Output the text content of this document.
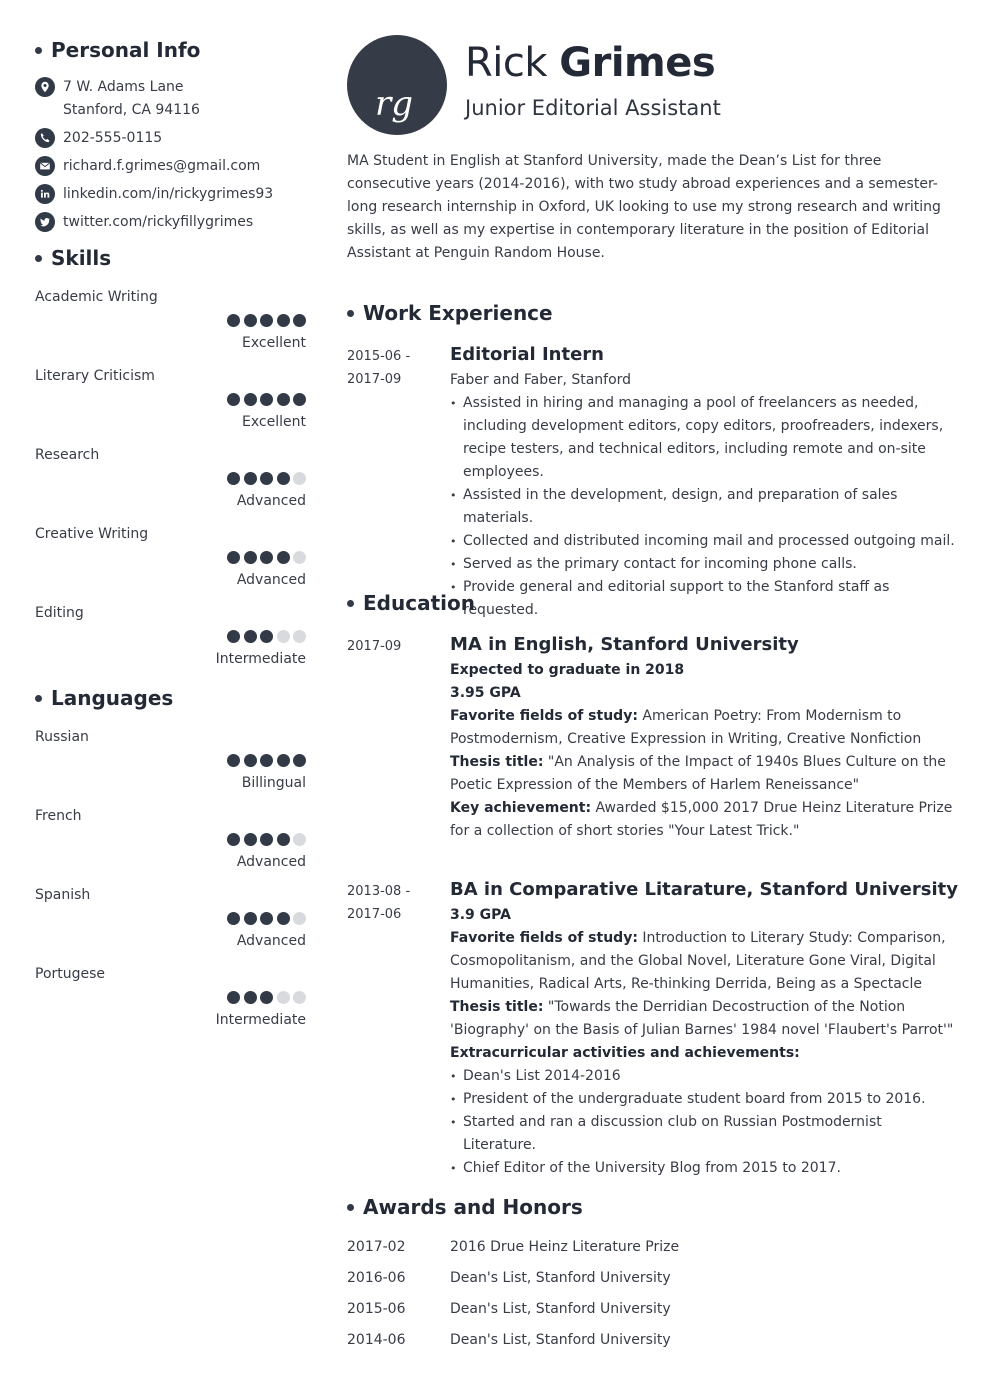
Personal Info
7 W. Adams Lane
Stanford, CA 94116
202-555-0115
richard.f.grimes@gmail.com
linkedin.com/in/rickygrimes93
twitter.com/rickyfillygrimes
Skills
Academic Writing
Excellent
Literary Criticism
Excellent
Research
Advanced
Creative Writing
Advanced
Editing
Intermediate
Languages
Russian
Billingual
French
Advanced
Spanish
Advanced
Portugese
Intermediate
rg
Rick Grimes
Junior Editorial Assistant
MA Student in English at Stanford University, made the Dean’s List for three consecutive years (2014-2016), with two study abroad experiences and a semester-long research internship in Oxford, UK looking to use my strong research and writing skills, as well as my expertise in contemporary literature in the position of Editorial Assistant at Penguin Random House.
Work Experience
2015-06 -
2017-09
Editorial Intern
Faber and Faber, Stanford
• Assisted in hiring and managing a pool of freelancers as needed, including development editors, copy editors, proofreaders, indexers, recipe testers, and technical editors, including remote and on-site employees.
• Assisted in the development, design, and preparation of sales materials.
• Collected and distributed incoming mail and processed outgoing mail.
• Served as the primary contact for incoming phone calls.
• Provide general and editorial support to the Stanford staff as requested.
Education
2017-09	MA in English, Stanford University
Expected to graduate in 2018
3.95 GPA
Favorite fields of study: American Poetry: From Modernism to Postmodernism, Creative Expression in Writing, Creative Nonfiction
Thesis title: "An Analysis of the Impact of 1940s Blues Culture on the Poetic Expression of the Members of Harlem Reneissance"
Key achievement: Awarded $15,000 2017 Drue Heinz Literature Prize for a collection of short stories "Your Latest Trick."
2013-08 -
2017-06
BA in Comparative Litarature, Stanford University
3.9 GPA
Favorite fields of study: Introduction to Literary Study: Comparison, Cosmopolitanism, and the Global Novel, Literature Gone Viral, Digital Humanities, Radical Arts, Re-thinking Derrida, Being as a Spectacle
Thesis title: "Towards the Derridian Decostruction of the Notion 'Biography' on the Basis of Julian Barnes' 1984 novel 'Flaubert's Parrot'"
Extracurricular activities and achievements:
• Dean's List 2014-2016
• President of the undergraduate student board from 2015 to 2016.
• Started and ran a discussion club on Russian Postmodernist Literature.
• Chief Editor of the University Blog from 2015 to 2017.
Awards and Honors
2017-02	2016 Drue Heinz Literature Prize
2016-06	Dean's List, Stanford University
2015-06	Dean's List, Stanford University
2014-06	Dean's List, Stanford University
